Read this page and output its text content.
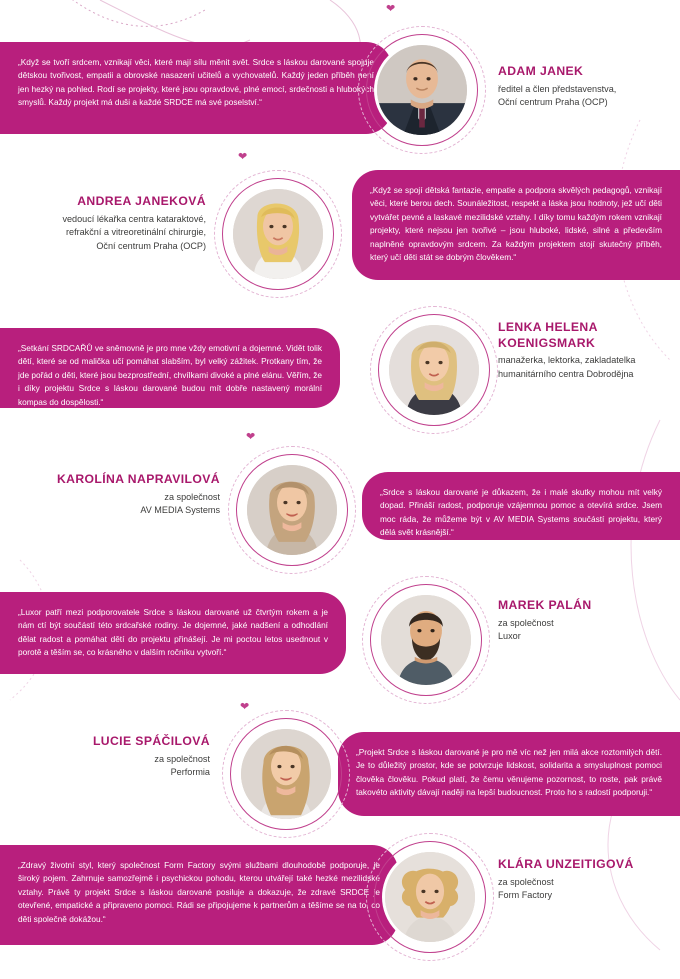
„Když se tvoří srdcem, vznikají věci, které mají sílu měnit svět. Srdce s láskou darované spojuje dětskou tvořivost, empatii a obrovské nasazení učitelů a vychovatelů. Každý jeden příběh není jen hezký na pohled. Rodí se projekty, které jsou opravdové, plné emocí, srdečnosti a hlubokých smyslů. Každý projekt má duši a každé SRDCE má své poselství.“
ADAM JANEK
ředitel a člen představenstva,
Oční centrum Praha (OCP)
„Když se spojí dětská fantazie, empatie a podpora skvělých pedagogů, vznikají věci, které berou dech. Sounáležitost, respekt a láska jsou hodnoty, jež učí děti vytvářet pevné a laskavé mezilidské vztahy. I díky tomu každým rokem vznikají projekty, které nejsou jen tvořivé – jsou hluboké, lidské, silné a především naplněné opravdovým srdcem. Za každým projektem stojí skutečný příběh, který učí děti stát se dobrým člověkem.“
ANDREA JANEKOVÁ
vedoucí lékařka centra kataraktové,
refrakční a vitreoretinální chirurgie,
Oční centrum Praha (OCP)
„Setkání SRDCAŘŮ ve sněmovně je pro mne vždy emotivní a dojemné. Vidět tolik dětí, které se od malička učí pomáhat slabším, byl velký zážitek. Protkany tím, že jde pořád o děti, které jsou bezprostřední, chvílkami divoké a plné elánu. Věřím, že i díky projektu Srdce s láskou darované budou mít dobře nastavený morální kompas do dospělosti.“
LENKA HELENA
KOENIGSMARK
manažerka, lektorka, zakladatelka
humanitárního centra Dobrodějna
„Srdce s láskou darované je důkazem, že i malé skutky mohou mít velký dopad. Přináší radost, podporuje vzájemnou pomoc a otevírá srdce. Jsem moc ráda, že můžeme být v AV MEDIA Systems součástí projektu, který dělá svět krásnější.“
KAROLÍNA NAPRAVILOVÁ
za společnost
AV MEDIA Systems
„Luxor patří mezi podporovatele Srdce s láskou darované už čtvrtým rokem a je nám ctí být součástí této srdcařské rodiny. Je dojemné, jaké nadšení a odhodlání dělat radost a pomáhat dětí do projektu přinášejí. Je mi poctou letos usednout v porotě a těším se, co krásného v dalším ročníku vytvoří.“
MAREK PALÁN
za společnost
Luxor
„Projekt Srdce s láskou darované je pro mě víc než jen milá akce roztomilých dětí. Je to důležitý prostor, kde se potvrzuje lidskost, solidarita a smysluplnost pomoci člověka člověku. Pokud platí, že čemu věnujeme pozornost, to roste, pak právě takovéto aktivity dávají naději na lepší budoucnost. Proto ho s radostí podporuji.“
LUCIE SPÁČILOVÁ
za společnost
Performia
„Zdravý životní styl, který společnost Form Factory svými službami dlouhodobě podporuje, je široký pojem. Zahrnuje samozřejmě i psychickou pohodu, kterou utvářejí také hezké mezilidské vztahy. Právě ty projekt Srdce s láskou darované posiluje a dokazuje, že zdravé SRDCE je otevřené, empatické a připraveno pomoci. Rádi se připojujeme k partnerům a těšíme se na to, co děti společně dokážou.“
KLÁRA UNZEITIGOVÁ
za společnost
Form Factory
❤
❤
❤
❤
